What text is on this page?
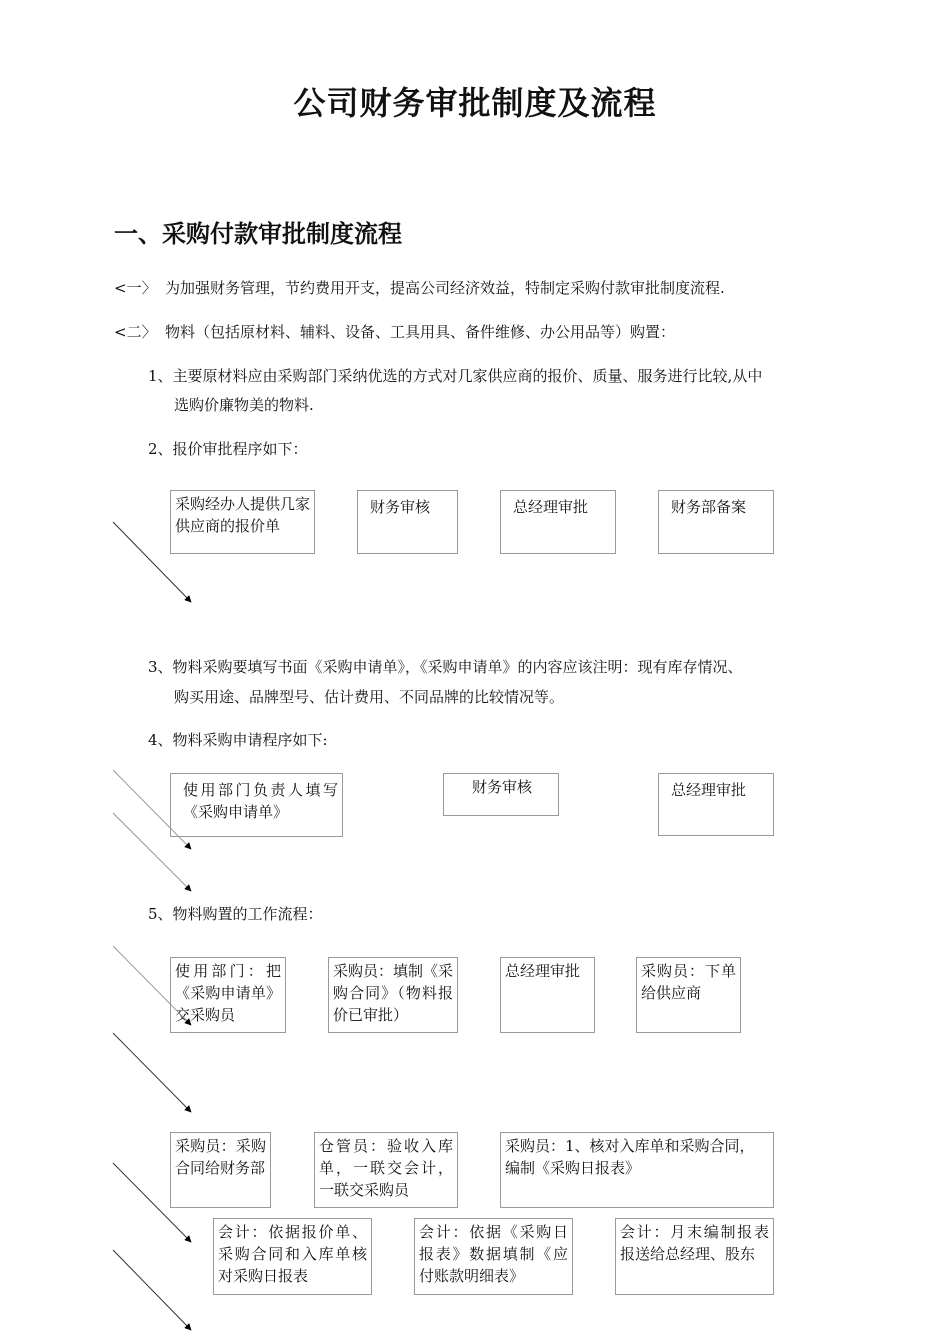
公司财务审批制度及流程
一、采购付款审批制度流程
<一〉 为加强财务管理，节约费用开支，提高公司经济效益，特制定采购付款审批制度流程.
<二〉 物料（包括原材料、辅料、设备、工具用具、备件维修、办公用品等）购置：
1、主要原材料应由采购部门采纳优选的方式对几家供应商的报价、质量、服务进行比较,从中
选购价廉物美的物料.
2、报价审批程序如下：
采购经办人提供几家供应商的报价单
财务审核	总经理审批	财务部备案
3、物料采购要填写书面《采购申请单》，《采购申请单》的内容应该注明：现有库存情况、
购买用途、品牌型号、估计费用、不同品牌的比较情况等。
4、物料采购申请程序如下:
使用部门负责人填写《采购申请单》
财务审核	总经理审批
5、物料购置的工作流程：
使用部门：把《采购申请单》交采购员
采购员：填制《采购合同》（物料报价已审批）
总经理审批	采购员：下单给供应商
采购员：采购合同给财务部
仓管员：验收入库单，一联交会计，一联交采购员
采购员：1、核对入库单和采购合同，编制《采购日报表》
会计：依据报价单、采购合同和入库单核对采购日报表
会计：依据《采购日报表》数据填制《应付账款明细表》
会计：月末编制报表报送给总经理、股东
